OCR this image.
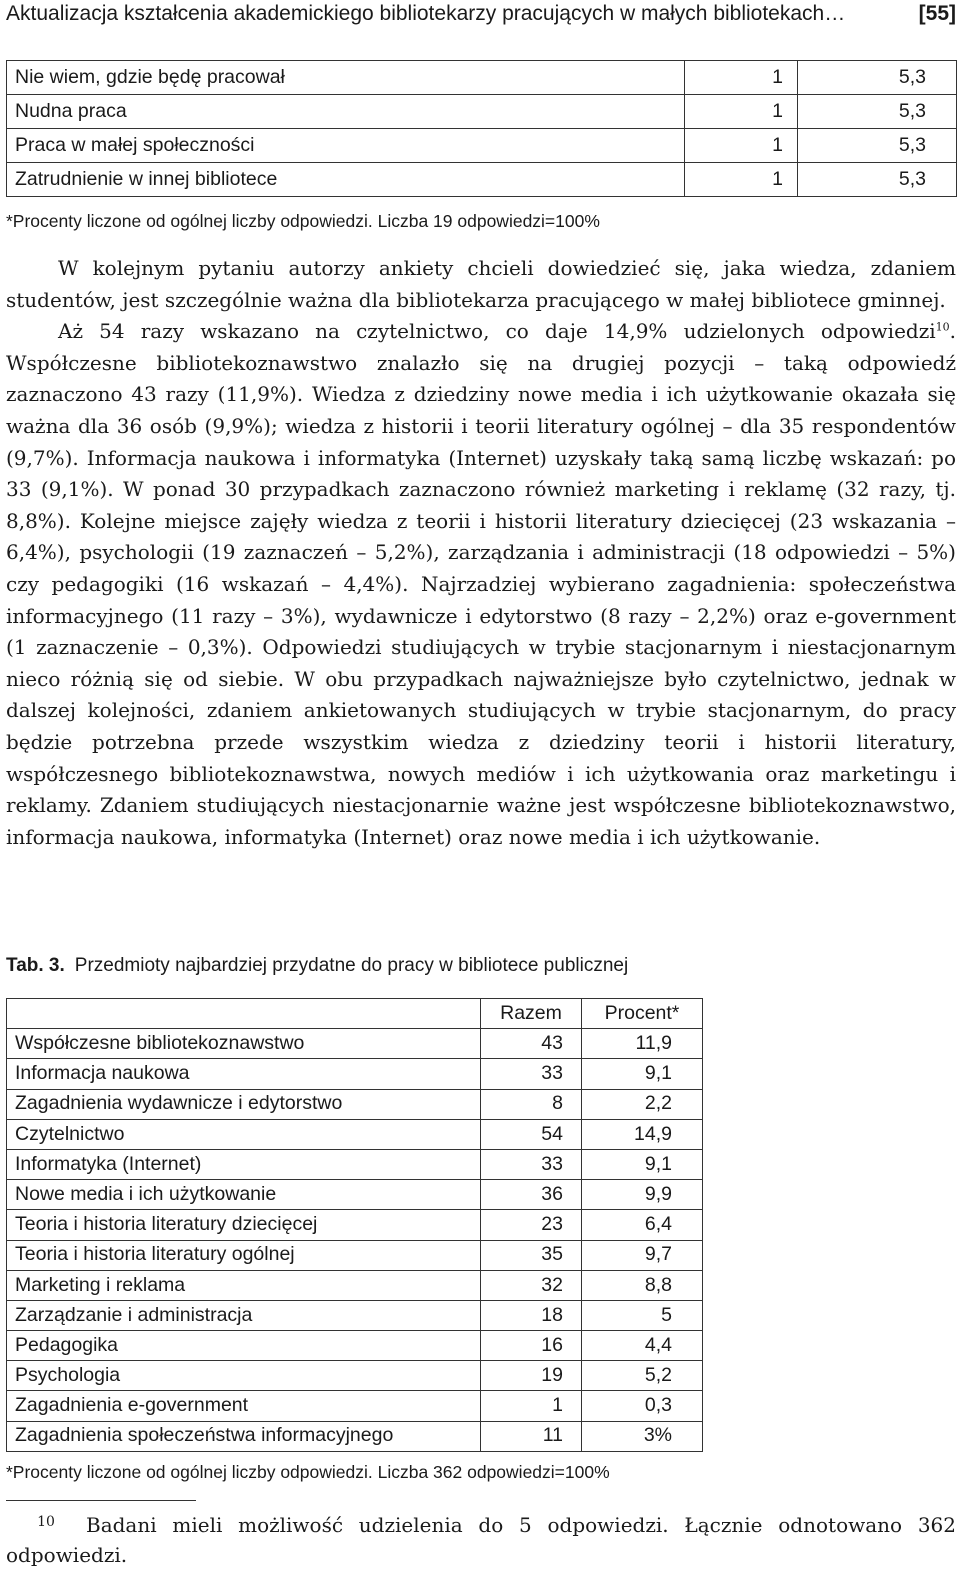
Aktualizacja kształcenia akademickiego bibliotekarzy pracujących w małych bibliotekach…	[55]
Nie wiem, gdzie będę pracował	1	5,3
Nudna praca	1	5,3
Praca w małej społeczności	1	5,3
Zatrudnienie w innej bibliotece	1	5,3
*Procenty liczone od ogólnej liczby odpowiedzi. Liczba 19 odpowiedzi=100%

W kolejnym pytaniu autorzy ankiety chcieli dowiedzieć się, jaka wiedza, zdaniem studentów, jest szczególnie ważna dla bibliotekarza pracującego w małej bibliotece gminnej.

Aż 54 razy wskazano na czytelnictwo, co daje 14,9% udzielonych odpowiedzi$^{10}$. Współczesne bibliotekoznawstwo znalazło się na drugiej pozycji – taką odpowiedź zaznaczono 43 razy (11,9%). Wiedza z dziedziny nowe media i ich użytkowanie okazała się ważna dla 36 osób (9,9%); wiedza z historii i teorii literatury ogólnej – dla 35 respondentów (9,7%). Informacja naukowa i informatyka (Internet) uzyskały taką samą liczbę wskazań: po 33 (9,1%). W ponad 30 przypadkach zaznaczono również marketing i reklamę (32 razy, tj. 8,8%). Kolejne miejsce zajęły wiedza z teorii i historii literatury dziecięcej (23 wskazania – 6,4%), psychologii (19 zaznaczeń – 5,2%), zarządzania i administracji (18 odpowiedzi – 5%) czy pedagogiki (16 wskazań – 4,4%). Najrzadziej wybierano zagadnienia: społeczeństwa informacyjnego (11 razy – 3%), wydawnicze i edytorstwo (8 razy – 2,2%) oraz e-government (1 zaznaczenie – 0,3%). Odpowiedzi studiujących w trybie stacjonarnym i niestacjonarnym nieco różnią się od siebie. W obu przypadkach najważniejsze było czytelnictwo, jednak w dalszej kolejności, zdaniem ankietowanych studiujących w trybie stacjonarnym, do pracy będzie potrzebna przede wszystkim wiedza z dziedziny teorii i historii literatury, współczesnego bibliotekoznawstwa, nowych mediów i ich użytkowania oraz marketingu i reklamy. Zdaniem studiujących niestacjonarnie ważne jest współczesne bibliotekoznawstwo, informacja naukowa, informatyka (Internet) oraz nowe media i ich użytkowanie.

Tab. 3. Przedmioty najbardziej przydatne do pracy w bibliotece publicznej
	Razem	Procent*
Współczesne bibliotekoznawstwo	43	11,9
Informacja naukowa	33	9,1
Zagadnienia wydawnicze i edytorstwo	8	2,2
Czytelnictwo	54	14,9
Informatyka (Internet)	33	9,1
Nowe media i ich użytkowanie	36	9,9
Teoria i historia literatury dziecięcej	23	6,4
Teoria i historia literatury ogólnej	35	9,7
Marketing i reklama	32	8,8
Zarządzanie i administracja	18	5
Pedagogika	16	4,4
Psychologia	19	5,2
Zagadnienia e-government	1	0,3
Zagadnienia społeczeństwa informacyjnego	11	3%
*Procenty liczone od ogólnej liczby odpowiedzi. Liczba 362 odpowiedzi=100%
10 Badani mieli możliwość udzielenia do 5 odpowiedzi. Łącznie odnotowano 362 odpowiedzi.
